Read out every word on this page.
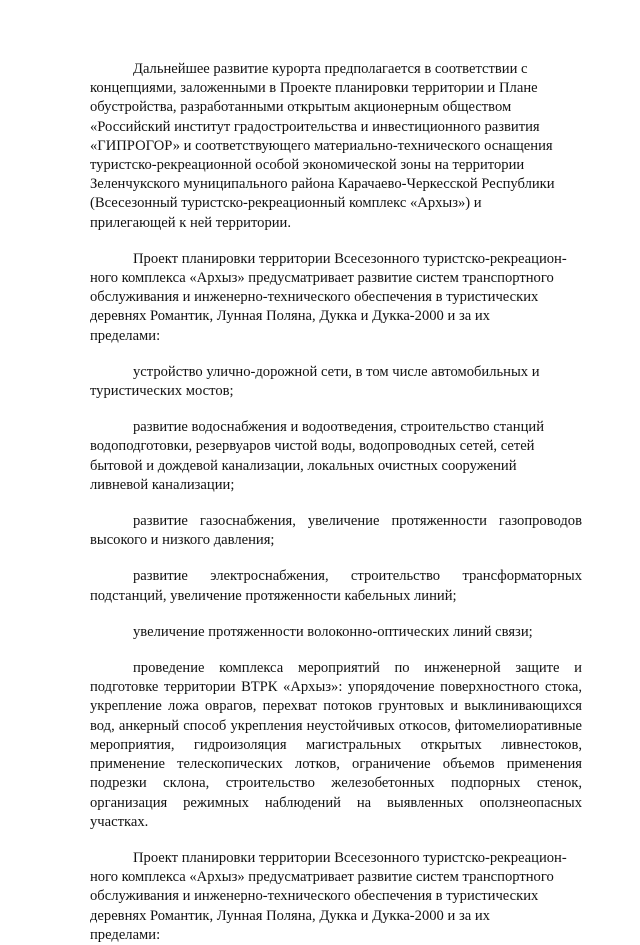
Дальнейшее развитие курорта предполагается в соответствии с
концепциями, заложенными в Проекте планировки территории и Плане
обустройства, разработанными открытым акционерным обществом
«Российский институт градостроительства и инвестиционного развития
«ГИПРОГОР» и соответствующего материально-технического оснащения
туристско-рекреационной особой экономической зоны на территории
Зеленчукского муниципального района Карачаево-Черкесской Республики
(Всесезонный туристско-рекреационный комплекс «Архыз») и
прилегающей к ней территории.

Проект планировки территории Всесезонного туристско-рекреацион-
ного комплекса «Архыз» предусматривает развитие систем транспортного
обслуживания и инженерно-технического обеспечения в туристических
деревнях Романтик, Лунная Поляна, Дукка и Дукка-2000 и за их
пределами:

устройство улично-дорожной сети, в том числе автомобильных и
туристических мостов;

развитие водоснабжения и водоотведения, строительство станций
водоподготовки, резервуаров чистой воды, водопроводных сетей, сетей
бытовой и дождевой канализации, локальных очистных сооружений
ливневой канализации;

развитие газоснабжения, увеличение протяженности газопроводов высокого и низкого давления;

развитие электроснабжения, строительство трансформаторных подстанций, увеличение протяженности кабельных линий;

увеличение протяженности волоконно-оптических линий связи;

проведение комплекса мероприятий по инженерной защите и подготовке территории ВТРК «Архыз»: упорядочение поверхностного стока, укрепление ложа оврагов, перехват потоков грунтовых и выклинивающихся вод, анкерный способ укрепления неустойчивых откосов, фитомелиоративные мероприятия, гидроизоляция магистральных открытых ливнестоков, применение телескопических лотков, ограничение объемов применения подрезки склона, строительство железобетонных подпорных стенок, организация режимных наблюдений на выявленных оползнеопасных участках.

Проект планировки территории Всесезонного туристско-рекреацион-
ного комплекса «Архыз» предусматривает развитие систем транспортного
обслуживания и инженерно-технического обеспечения в туристических
деревнях Романтик, Лунная Поляна, Дукка и Дукка-2000 и за их
пределами:
